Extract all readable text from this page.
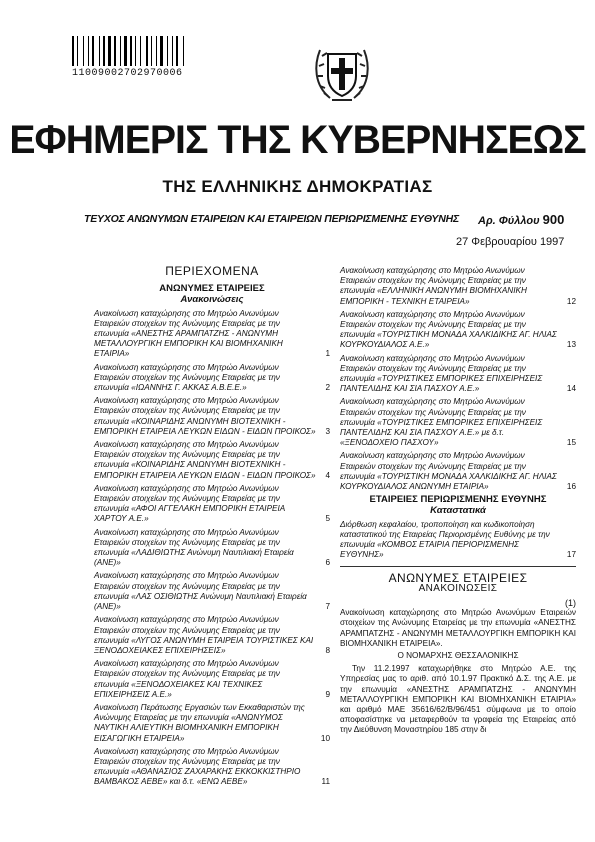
11009002702970006
ΕΦΗΜΕΡΙΣ ΤΗΣ ΚΥΒΕΡΝΗΣΕΩΣ
ΤΗΣ ΕΛΛΗΝΙΚΗΣ ΔΗΜΟΚΡΑΤΙΑΣ
ΤΕΥΧΟΣ ΑΝΩΝΥΜΩΝ ΕΤΑΙΡΕΙΩΝ ΚΑΙ ΕΤΑΙΡΕΙΩΝ ΠΕΡΙΩΡΙΣΜΕΝΗΣ ΕΥΘΥΝΗΣ Αρ. Φύλλου 900
27 Φεβρουαρίου 1997
ΠΕΡΙΕΧΟΜΕΝΑ
ΑΝΩΝΥΜΕΣ ΕΤΑΙΡΕΙΕΣ
Ανακοινώσεις
Ανακοίνωση καταχώρησης στο Μητρώο Ανωνύμων Εταιρειών στοιχείων της Ανώνυμης Εταιρείας με την επωνυμία «ΑΝΕΣΤΗΣ ΑΡΑΜΠΑΤΖΗΣ - ΑΝΩΝΥΜΗ ΜΕΤΑΛΛΟΥΡΓΙΚΗ ΕΜΠΟΡΙΚΗ ΚΑΙ ΒΙΟΜΗΧΑΝΙΚΗ ΕΤΑΙΡΙΑ»	1
Ανακοίνωση καταχώρησης στο Μητρώο Ανωνύμων Εταιρειών στοιχείων της Ανώνυμης Εταιρείας με την επωνυμία «ΙΩΑΝΝΗΣ Γ. ΑΚΚΑΣ Α.Β.Ε.Ε.»	2
Ανακοίνωση καταχώρησης στο Μητρώο Ανωνύμων Εταιρειών στοιχείων της Ανώνυμης Εταιρείας με την επωνυμία «ΚΟΙΝΑΡΙΔΗΣ ΑΝΩΝΥΜΗ ΒΙΟΤΕΧΝΙΚΗ - ΕΜΠΟΡΙΚΗ ΕΤΑΙΡΕΙΑ ΛΕΥΚΩΝ ΕΙΔΩΝ - ΕΙΔΩΝ ΠΡΟΙΚΟΣ» 3
Ανακοίνωση καταχώρησης στο Μητρώο Ανωνύμων Εταιρειών στοιχείων της Ανώνυμης Εταιρείας με την επωνυμία «ΚΟΙΝΑΡΙΔΗΣ ΑΝΩΝΥΜΗ ΒΙΟΤΕΧΝΙΚΗ - ΕΜΠΟΡΙΚΗ ΕΤΑΙΡΕΙΑ ΛΕΥΚΩΝ ΕΙΔΩΝ - ΕΙΔΩΝ ΠΡΟΙΚΟΣ» 4
Ανακοίνωση καταχώρησης στο Μητρώο Ανωνύμων Εταιρειών στοιχείων της Ανώνυμης Εταιρείας με την επωνυμία «ΑΦΟΙ ΑΓΓΕΛΑΚΗ ΕΜΠΟΡΙΚΗ ΕΤΑΙΡΕΙΑ ΧΑΡΤΟΥ Α.Ε.»	5
Ανακοίνωση καταχώρησης στο Μητρώο Ανωνύμων Εταιρειών στοιχείων της Ανώνυμης Εταιρείας με την επωνυμία «ΛΑΔΙΘΙΩΤΗΣ Ανώνυμη Ναυτιλιακή Εταιρεία (ΑΝΕ)»	6
Ανακοίνωση καταχώρησης στο Μητρώο Ανωνύμων Εταιρειών στοιχείων της Ανώνυμης Εταιρείας με την επωνυμία «ΛΑΣ ΟΣΙΘΙΩΤΗΣ Ανώνυμη Ναυτιλιακή Εταιρεία (ΑΝΕ)»	7
Ανακοίνωση καταχώρησης στο Μητρώο Ανωνύμων Εταιρειών στοιχείων της Ανώνυμης Εταιρείας με την επωνυμία «ΛΥΓΟΣ ΑΝΩΝΥΜΗ ΕΤΑΙΡΕΙΑ ΤΟΥΡΙΣΤΙΚΕΣ ΚΑΙ ΞΕΝΟΔΟΧΕΙΑΚΕΣ ΕΠΙΧΕΙΡΗΣΕΙΣ»	8
Ανακοίνωση καταχώρησης στο Μητρώο Ανωνύμων Εταιρειών στοιχείων της Ανώνυμης Εταιρείας με την επωνυμία «ΞΕΝΟΔΟΧΕΙΑΚΕΣ ΚΑΙ ΤΕΧΝΙΚΕΣ ΕΠΙΧΕΙΡΗΣΕΙΣ Α.Ε.»	9
Ανακοίνωση Περάτωσης Εργασιών των Εκκαθαριστών της Ανώνυμης Εταιρείας με την επωνυμία «ΑΝΩΝΥΜΟΣ ΝΑΥΤΙΚΗ ΑΛΙΕΥΤΙΚΗ ΒΙΟΜΗΧΑΝΙΚΗ ΕΜΠΟΡΙΚΗ ΕΙΣΑΓΩΓΙΚΗ ΕΤΑΙΡΕΙΑ»	10
Ανακοίνωση καταχώρησης στο Μητρώο Ανωνύμων Εταιρειών στοιχείων της Ανώνυμης Εταιρείας με την επωνυμία «ΑΘΑΝΑΣΙΟΣ ΖΑΧΑΡΑΚΗΣ ΕΚΚΟΚΚΙΣΤΗΡΙΟ ΒΑΜΒΑΚΟΣ ΑΕΒΕ» και δ.τ. «ΕΝΩ ΑΕΒΕ»	11
Ανακοίνωση καταχώρησης στο Μητρώο Ανωνύμων Εταιρειών στοιχείων της Ανώνυμης Εταιρείας με την επωνυμία «ΕΛΛΗΝΙΚΗ ΑΝΩΝΥΜΗ ΒΙΟΜΗΧΑΝΙΚΗ ΕΜΠΟΡΙΚΗ - ΤΕΧΝΙΚΗ ΕΤΑΙΡΕΙΑ»	12
Ανακοίνωση καταχώρησης στο Μητρώο Ανωνύμων Εταιρειών στοιχείων της Ανώνυμης Εταιρείας με την επωνυμία «ΤΟΥΡΙΣΤΙΚΗ ΜΟΝΑΔΑ ΧΑΛΚΙΔΙΚΗΣ ΑΓ. ΗΛΙΑΣ ΚΟΥΡΚΟΥΔΙΑΛΟΣ Α.Ε.»	13
Ανακοίνωση καταχώρησης στο Μητρώο Ανωνύμων Εταιρειών στοιχείων της Ανώνυμης Εταιρείας με την επωνυμία «ΤΟΥΡΙΣΤΙΚΕΣ ΕΜΠΟΡΙΚΕΣ ΕΠΙΧΕΙΡΗΣΕΙΣ ΠΑΝΤΕΛΙΔΗΣ ΚΑΙ ΣΙΑ ΠΑΣΧΟΥ Α.Ε.»	14
Ανακοίνωση καταχώρησης στο Μητρώο Ανωνύμων Εταιρειών στοιχείων της Ανώνυμης Εταιρείας με την επωνυμία «ΤΟΥΡΙΣΤΙΚΕΣ ΕΜΠΟΡΙΚΕΣ ΕΠΙΧΕΙΡΗΣΕΙΣ ΠΑΝΤΕΛΙΔΗΣ ΚΑΙ ΣΙΑ ΠΑΣΧΟΥ Α.Ε.» με δ.τ. «ΞΕΝΟΔΟΧΕΙΟ ΠΑΣΧΟΥ»	15
Ανακοίνωση καταχώρησης στο Μητρώο Ανωνύμων Εταιρειών στοιχείων της Ανώνυμης Εταιρείας με την επωνυμία «ΤΟΥΡΙΣΤΙΚΗ ΜΟΝΑΔΑ ΧΑΛΚΙΔΙΚΗΣ ΑΓ. ΗΛΙΑΣ ΚΟΥΡΚΟΥΔΙΑΛΟΣ ΑΝΩΝΥΜΗ ΕΤΑΙΡΙΑ»	16
ΕΤΑΙΡΕΙΕΣ ΠΕΡΙΩΡΙΣΜΕΝΗΣ ΕΥΘΥΝΗΣ
Καταστατικά
Διόρθωση κεφαλαίου, τροποποίηση και κωδικοποίηση καταστατικού της Εταιρείας Περιορισμένης Ευθύνης με την επωνυμία «ΚΟΜΒΟΣ ΕΤΑΙΡΙΑ ΠΕΡΙΟΡΙΣΜΕΝΗΣ ΕΥΘΥΝΗΣ»	17
ΑΝΩΝΥΜΕΣ ΕΤΑΙΡΕΙΕΣ
ΑΝΑΚΟΙΝΩΣΕΙΣ
(1)
Ανακοίνωση καταχώρησης στο Μητρώο Ανωνύμων Εταιρειών στοιχείων της Ανώνυμης Εταιρείας με την επωνυμία «ΑΝΕΣΤΗΣ ΑΡΑΜΠΑΤΖΗΣ - ΑΝΩΝΥΜΗ ΜΕΤΑΛΛΟΥΡΓΙΚΗ ΕΜΠΟΡΙΚΗ ΚΑΙ ΒΙΟΜΗΧΑΝΙΚΗ ΕΤΑΙΡΕΙΑ».
Ο ΝΟΜΑΡΧΗΣ ΘΕΣΣΑΛΟΝΙΚΗΣ
Την 11.2.1997 καταχωρήθηκε στο Μητρώο Α.Ε. της Υπηρεσίας μας το αριθ. από 10.1.97 Πρακτικό Δ.Σ. της Α.Ε. με την επωνυμία «ΑΝΕΣΤΗΣ ΑΡΑΜΠΑΤΖΗΣ - ΑΝΩΝΥΜΗ ΜΕΤΑΛΛΟΥΡΓΙΚΗ ΕΜΠΟΡΙΚΗ ΚΑΙ ΒΙΟΜΗΧΑΝΙΚΗ ΕΤΑΙΡΙΑ» και αριθμό ΜΑΕ 35616/62/Β/96/451 σύμφωνα με το οποίο αποφασίστηκε να μεταφερθούν τα γραφεία της Εταιρείας από την Διεύθυνση Μοναστηρίου 185 στην δι
